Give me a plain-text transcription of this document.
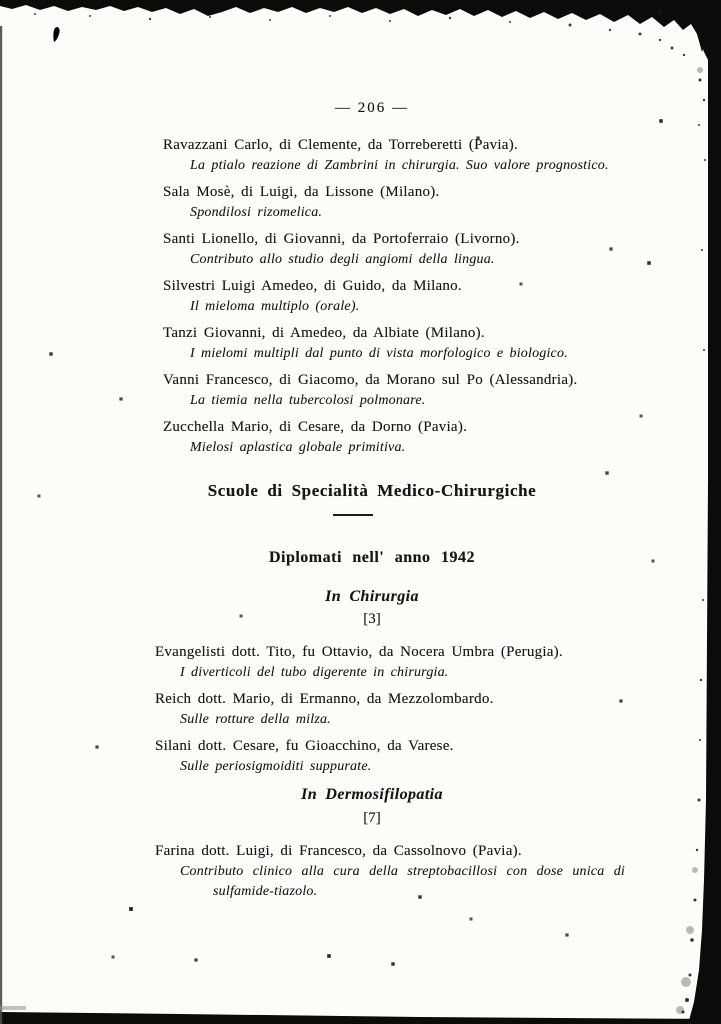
— 206 —
Ravazzani Carlo, di Clemente, da Torreberetti (Pavia).
La ptialo reazione di Zambrini in chirurgia. Suo valore prognostico.
Sala Mosè, di Luigi, da Lissone (Milano).
Spondilosi rizomelica.
Santi Lionello, di Giovanni, da Portoferraio (Livorno).
Contributo allo studio degli angiomi della lingua.
Silvestri Luigi Amedeo, di Guido, da Milano.
Il mieloma multiplo (orale).
Tanzi Giovanni, di Amedeo, da Albiate (Milano).
I mielomi multipli dal punto di vista morfologico e biologico.
Vanni Francesco, di Giacomo, da Morano sul Po (Alessandria).
La tiemia nella tubercolosi polmonare.
Zucchella Mario, di Cesare, da Dorno (Pavia).
Mielosi aplastica globale primitiva.
Scuole di Specialità Medico-Chirurgiche
Diplomati nell' anno 1942
In Chirurgia
[3]
Evangelisti dott. Tito, fu Ottavio, da Nocera Umbra (Perugia).
I diverticoli del tubo digerente in chirurgia.
Reich dott. Mario, di Ermanno, da Mezzolombardo.
Sulle rotture della milza.
Silani dott. Cesare, fu Gioacchino, da Varese.
Sulle periosigmoiditi suppurate.
In Dermosifilopatia
[7]
Farina dott. Luigi, di Francesco, da Cassolnovo (Pavia).
Contributo clinico alla cura della streptobacillosi con dose unica di sulfamide-tiazolo.
